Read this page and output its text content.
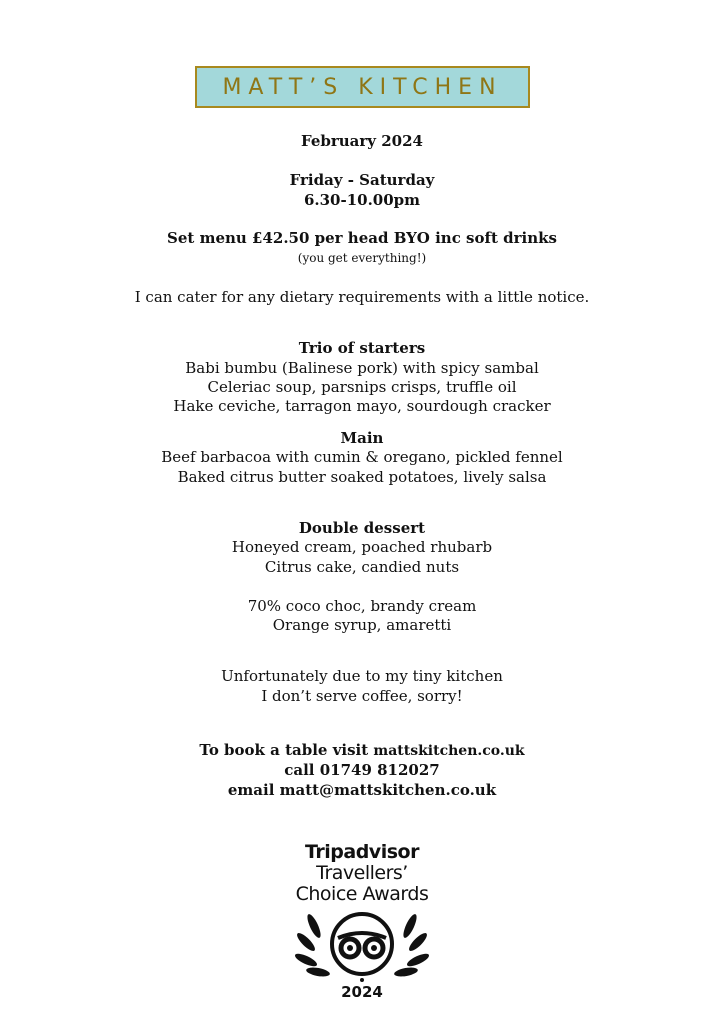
MATT’S KITCHEN
February 2024
Friday - Saturday
6.30-10.00pm
Set menu £42.50 per head BYO inc soft drinks
(you get everything!)
I can cater for any dietary requirements with a little notice.
Trio of starters
Babi bumbu (Balinese pork) with spicy sambal
Celeriac soup, parsnips crisps, truffle oil
Hake ceviche, tarragon mayo, sourdough cracker
Main
Beef barbacoa with cumin & oregano, pickled fennel
Baked citrus butter soaked potatoes, lively salsa
Double dessert
Honeyed cream, poached rhubarb
Citrus cake, candied nuts
70% coco choc, brandy cream
Orange syrup, amaretti
Unfortunately due to my tiny kitchen
I don’t serve coffee, sorry!
To book a table visit mattskitchen.co.uk
call 01749 812027
email matt@mattskitchen.co.uk
Tripadvisor
Travellers’
Choice Awards
2024
